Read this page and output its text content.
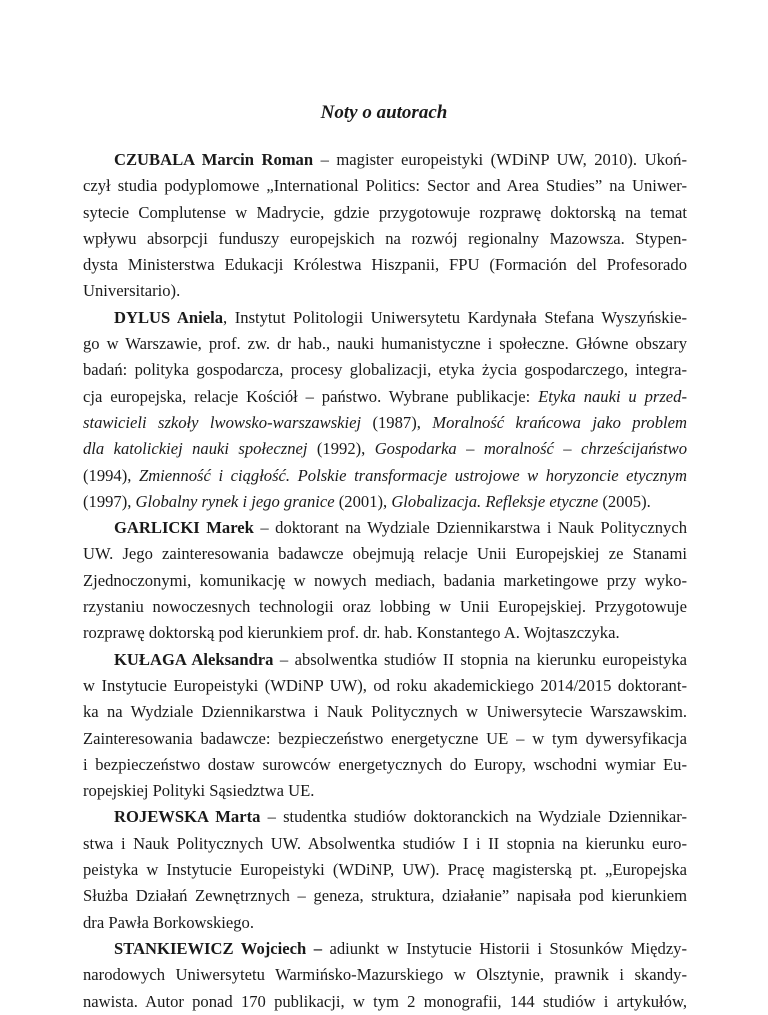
Noty o autorach
CZUBALA Marcin Roman – magister europeistyki (WDiNP UW, 2010). Ukoń-
czył studia podyplomowe „International Politics: Sector and Area Studies” na Uniwer-
sytecie Complutense w Madrycie, gdzie przygotowuje rozprawę doktorską na temat
wpływu absorpcji funduszy europejskich na rozwój regionalny Mazowsza. Stypen-
dysta Ministerstwa Edukacji Królestwa Hiszpanii, FPU (Formación del Profesorado
Universitario).
DYLUS Aniela, Instytut Politologii Uniwersytetu Kardynała Stefana Wyszyńskie-
go w Warszawie, prof. zw. dr hab., nauki humanistyczne i społeczne. Główne obszary
badań: polityka gospodarcza, procesy globalizacji, etyka życia gospodarczego, integra-
cja europejska, relacje Kościół – państwo. Wybrane publikacje: Etyka nauki u przed-
stawicieli szkoły lwowsko-warszawskiej (1987), Moralność krańcowa jako problem
dla katolickiej nauki społecznej (1992), Gospodarka – moralność – chrześcijaństwo
(1994), Zmienność i ciągłość. Polskie transformacje ustrojowe w horyzoncie etycznym
(1997), Globalny rynek i jego granice (2001), Globalizacja. Refleksje etyczne (2005).
GARLICKI Marek – doktorant na Wydziale Dziennikarstwa i Nauk Politycznych
UW. Jego zainteresowania badawcze obejmują relacje Unii Europejskiej ze Stanami
Zjednoczonymi, komunikację w nowych mediach, badania marketingowe przy wyko-
rzystaniu nowoczesnych technologii oraz lobbing w Unii Europejskiej. Przygotowuje
rozprawę doktorską pod kierunkiem prof. dr. hab. Konstantego A. Wojtaszczyka.
KUŁAGA Aleksandra – absolwentka studiów II stopnia na kierunku europeistyka
w Instytucie Europeistyki (WDiNP UW), od roku akademickiego 2014/2015 doktorant-
ka na Wydziale Dziennikarstwa i Nauk Politycznych w Uniwersytecie Warszawskim.
Zainteresowania badawcze: bezpieczeństwo energetyczne UE – w tym dywersyfikacja
i bezpieczeństwo dostaw surowców energetycznych do Europy, wschodni wymiar Eu-
ropejskiej Polityki Sąsiedztwa UE.
ROJEWSKA Marta – studentka studiów doktoranckich na Wydziale Dziennikar-
stwa i Nauk Politycznych UW. Absolwentka studiów I i II stopnia na kierunku euro-
peistyka w Instytucie Europeistyki (WDiNP, UW). Pracę magisterską pt. „Europejska
Służba Działań Zewnętrznych – geneza, struktura, działanie” napisała pod kierunkiem
dra Pawła Borkowskiego.
STANKIEWICZ Wojciech – adiunkt w Instytucie Historii i Stosunków Między-
narodowych Uniwersytetu Warmińsko-Mazurskiego w Olsztynie, prawnik i skandy-
nawista. Autor ponad 170 publikacji, w tym 2 monografii, 144 studiów i artykułów,
